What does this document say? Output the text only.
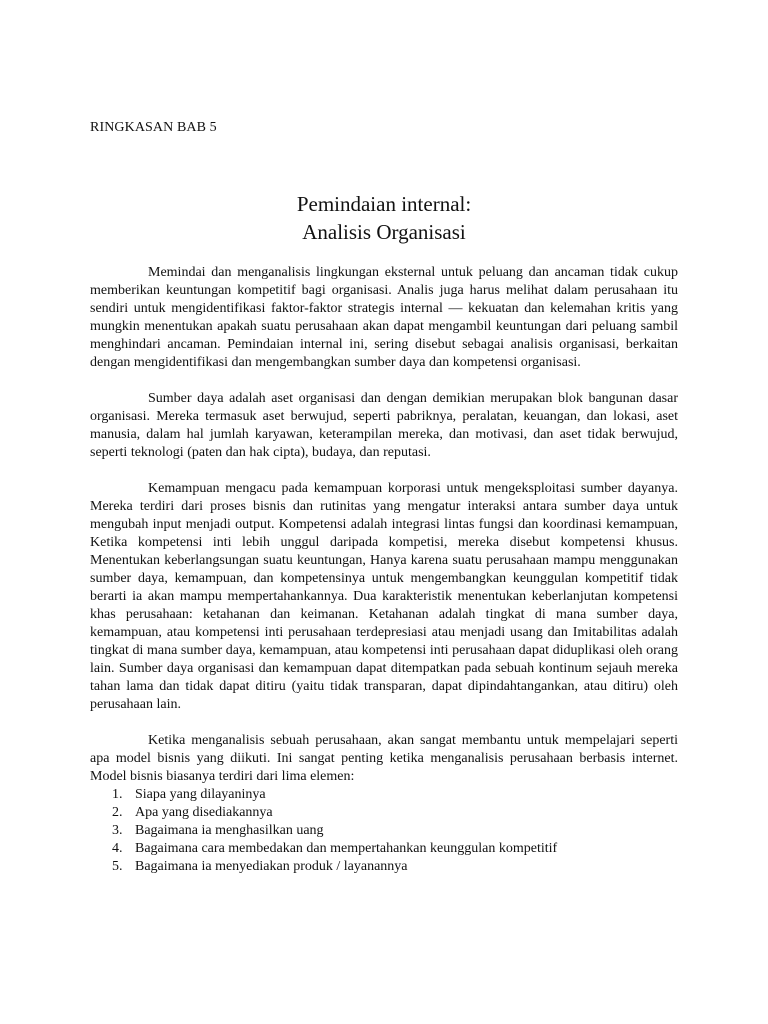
RINGKASAN BAB 5
Pemindaian internal:
Analisis Organisasi

Memindai dan menganalisis lingkungan eksternal untuk peluang dan ancaman tidak cukup memberikan keuntungan kompetitif bagi organisasi. Analis juga harus melihat dalam perusahaan itu sendiri untuk mengidentifikasi faktor-faktor strategis internal — kekuatan dan kelemahan kritis yang mungkin menentukan apakah suatu perusahaan akan dapat mengambil keuntungan dari peluang sambil menghindari ancaman. Pemindaian internal ini, sering disebut sebagai analisis organisasi, berkaitan dengan mengidentifikasi dan mengembangkan sumber daya dan kompetensi organisasi.

Sumber daya adalah aset organisasi dan dengan demikian merupakan blok bangunan dasar organisasi. Mereka termasuk aset berwujud, seperti pabriknya, peralatan, keuangan, dan lokasi, aset manusia, dalam hal jumlah karyawan, keterampilan mereka, dan motivasi, dan aset tidak berwujud, seperti teknologi (paten dan hak cipta), budaya, dan reputasi.

Kemampuan mengacu pada kemampuan korporasi untuk mengeksploitasi sumber dayanya. Mereka terdiri dari proses bisnis dan rutinitas yang mengatur interaksi antara sumber daya untuk mengubah input menjadi output. Kompetensi adalah integrasi lintas fungsi dan koordinasi kemampuan, Ketika kompetensi inti lebih unggul daripada kompetisi, mereka disebut kompetensi khusus. Menentukan keberlangsungan suatu keuntungan, Hanya karena suatu perusahaan mampu menggunakan sumber daya, kemampuan, dan kompetensinya untuk mengembangkan keunggulan kompetitif tidak berarti ia akan mampu mempertahankannya. Dua karakteristik menentukan keberlanjutan kompetensi khas perusahaan: ketahanan dan keimanan. Ketahanan adalah tingkat di mana sumber daya, kemampuan, atau kompetensi inti perusahaan terdepresiasi atau menjadi usang dan Imitabilitas adalah tingkat di mana sumber daya, kemampuan, atau kompetensi inti perusahaan dapat diduplikasi oleh orang lain. Sumber daya organisasi dan kemampuan dapat ditempatkan pada sebuah kontinum sejauh mereka tahan lama dan tidak dapat ditiru (yaitu tidak transparan, dapat dipindahtangankan, atau ditiru) oleh perusahaan lain.

Ketika menganalisis sebuah perusahaan, akan sangat membantu untuk mempelajari seperti apa model bisnis yang diikuti. Ini sangat penting ketika menganalisis perusahaan berbasis internet. Model bisnis biasanya terdiri dari lima elemen:

1. Siapa yang dilayaninya
2. Apa yang disediakannya
3. Bagaimana ia menghasilkan uang
4. Bagaimana cara membedakan dan mempertahankan keunggulan kompetitif
5. Bagaimana ia menyediakan produk / layanannya
